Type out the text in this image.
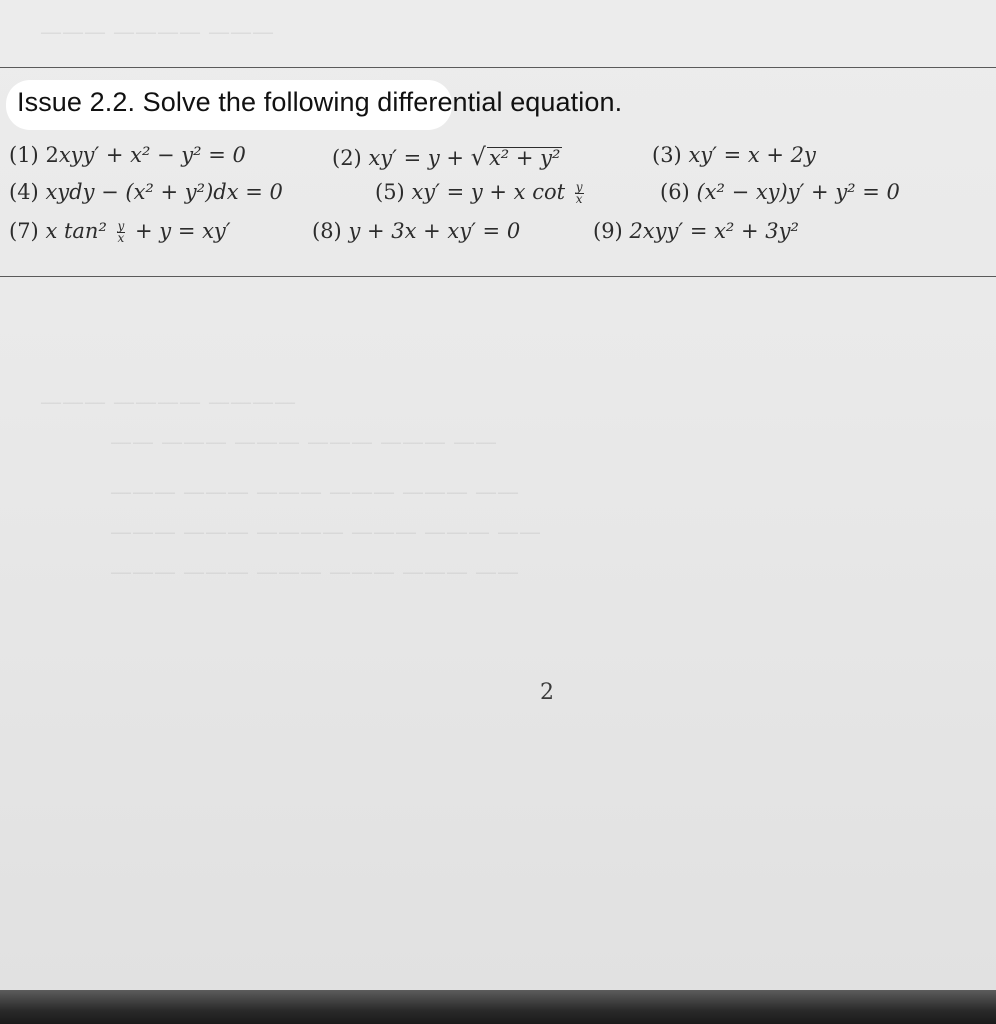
——— ———— ———
——— ———— ————
—— ——— ——— ——— ——— ——
——— ——— ——— ——— ——— ——
——— ——— ———— ——— ——— ——
——— ——— ——— ——— ——— ——
Issue 2.2. Solve the following differential equation.
(1) 2xyy′ + x² − y² = 0	(2) xy′ = y + √ x² + y²	(3) xy′ = x + 2y
(4) xydy − (x² + y²)dx = 0	(5) xy′ = y + x $\cot \frac{y}{x}$	(6) (x² − xy)y′ + y² = 0
(7) x $\tan^2 \frac{y}{x} + y = xy'$	(8) y + 3x + xy′ = 0	(9) 2xyy′ = x² + 3y²
2
